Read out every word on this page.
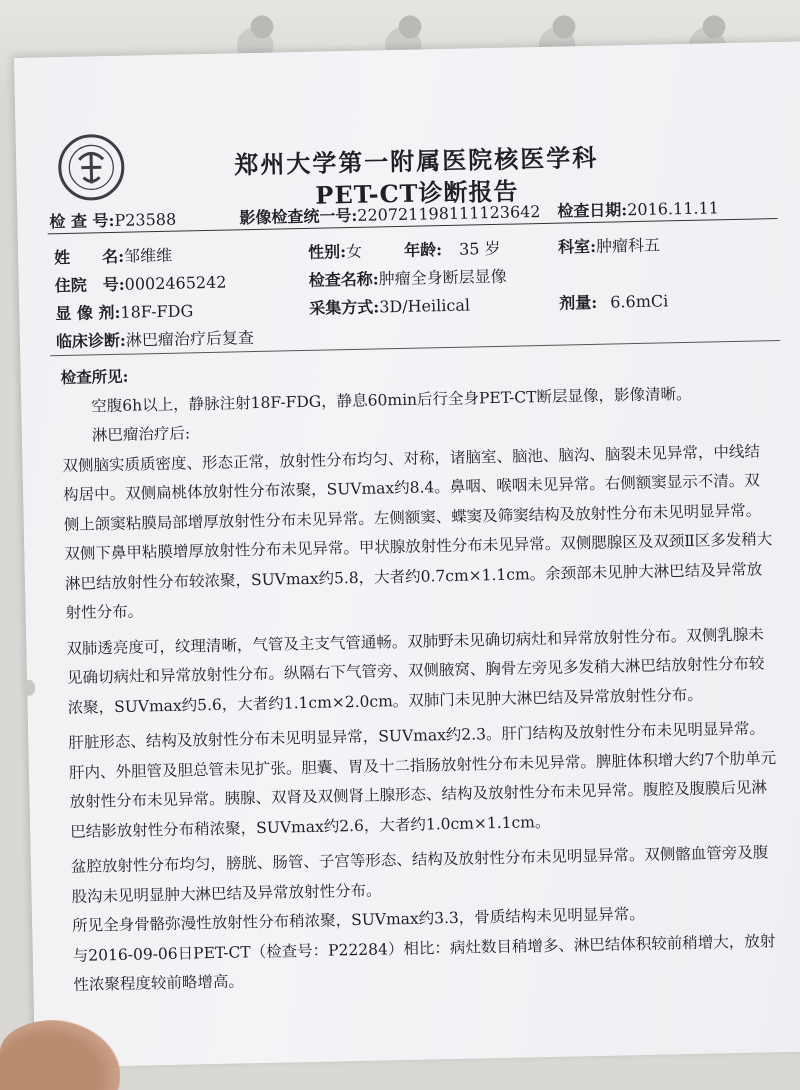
郑州大学第一附属医院核医学科
PET-CT诊断报告
检 查 号:P23588	影像检查统一号:220721198111123642 检查日期:2016.11.11
姓　　名:邹维维	性别:女	年龄: 35 岁	科室:肿瘤科五
住院　号:0002465242	检查名称:肿瘤全身断层显像
显 像 剂:18F-FDG	采集方式:3D/Heilical	剂量: 6.6mCi
临床诊断:淋巴瘤治疗后复查

检查所见:

空腹6h以上，静脉注射18F-FDG，静息60min后行全身PET-CT断层显像，影像清晰。

淋巴瘤治疗后:

双侧脑实质质密度、形态正常，放射性分布均匀、对称，诸脑室、脑池、脑沟、脑裂未见异常，中线结构居中。双侧扁桃体放射性分布浓聚，SUVmax约8.4。鼻咽、喉咽未见异常。右侧额窦显示不清。双侧上颌窦粘膜局部增厚放射性分布未见异常。左侧额窦、蝶窦及筛窦结构及放射性分布未见明显异常。双侧下鼻甲粘膜增厚放射性分布未见异常。甲状腺放射性分布未见异常。双侧腮腺区及双颈Ⅱ区多发稍大淋巴结放射性分布较浓聚，SUVmax约5.8，大者约0.7cm×1.1cm。余颈部未见肿大淋巴结及异常放射性分布。

双肺透亮度可，纹理清晰，气管及主支气管通畅。双肺野未见确切病灶和异常放射性分布。双侧乳腺未见确切病灶和异常放射性分布。纵隔右下气管旁、双侧腋窝、胸骨左旁见多发稍大淋巴结放射性分布较浓聚，SUVmax约5.6，大者约1.1cm×2.0cm。双肺门未见肿大淋巴结及异常放射性分布。

肝脏形态、结构及放射性分布未见明显异常，SUVmax约2.3。肝门结构及放射性分布未见明显异常。肝内、外胆管及胆总管未见扩张。胆囊、胃及十二指肠放射性分布未见异常。脾脏体积增大约7个肋单元放射性分布未见异常。胰腺、双肾及双侧肾上腺形态、结构及放射性分布未见异常。腹腔及腹膜后见淋巴结影放射性分布稍浓聚，SUVmax约2.6，大者约1.0cm×1.1cm。

盆腔放射性分布均匀，膀胱、肠管、子宫等形态、结构及放射性分布未见明显异常。双侧髂血管旁及腹股沟未见明显肿大淋巴结及异常放射性分布。

所见全身骨骼弥漫性放射性分布稍浓聚，SUVmax约3.3，骨质结构未见明显异常。

与2016-09-06日PET-CT（检查号：P22284）相比：病灶数目稍增多、淋巴结体积较前稍增大，放射性浓聚程度较前略增高。
